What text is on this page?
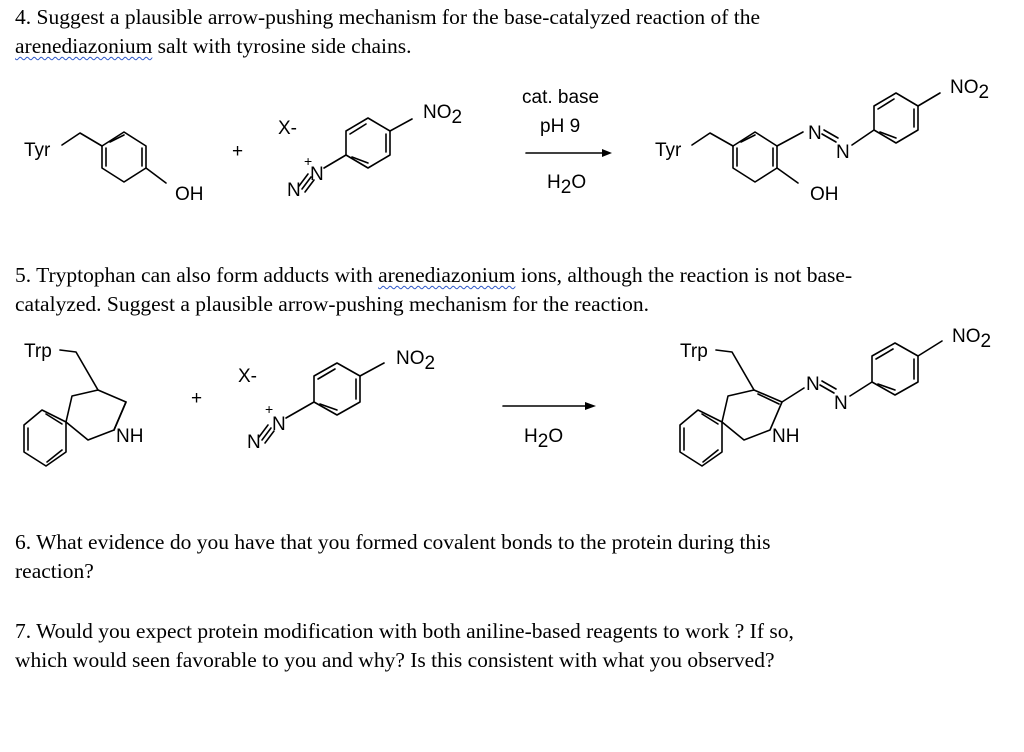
4. Suggest a plausible arrow-pushing mechanism for the base-catalyzed reaction of the
arenediazonium salt with tyrosine side chains.
5. Tryptophan can also form adducts with arenediazonium ions, although the reaction is not base-
catalyzed. Suggest a plausible arrow-pushing mechanism for the reaction.
6. What evidence do you have that you formed covalent bonds to the protein during this
reaction?
7. Would you expect protein modification with both aniline-based reagents to work ? If so,
which would seen favorable to you and why? Is this consistent with what you observed?
Tyr
OH
+
X-
+
N
N
NO2
cat. base
pH 9
H2O
Tyr
OH
N
N
NO2
Trp
NH
+
X-
+
N
N
NO2
H2O
Trp
NH
N
N
NO2
